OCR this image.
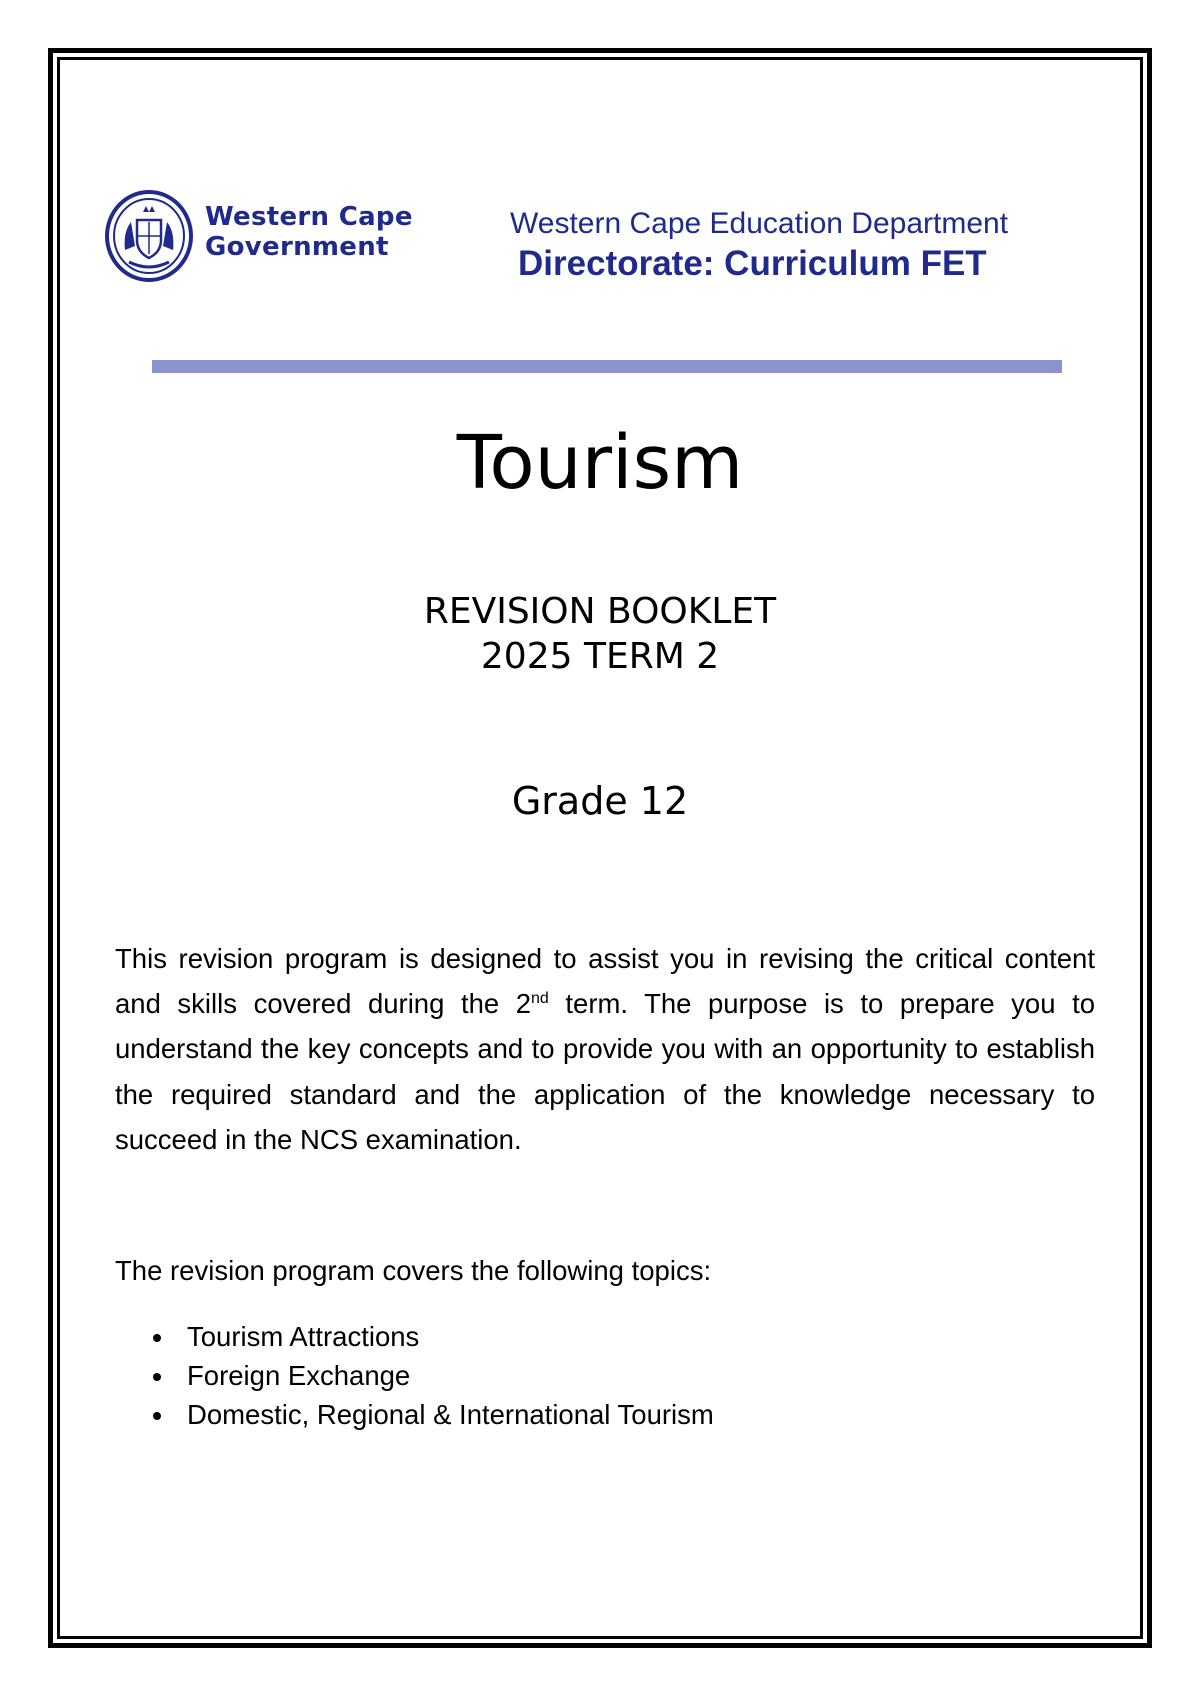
Western Cape
Government
Western Cape Education Department
Directorate: Curriculum FET
Tourism
REVISION BOOKLET
2025 TERM 2
Grade 12

This revision program is designed to assist you in revising the critical content and skills covered during the 2nd term. The purpose is to prepare you to understand the key concepts and to provide you with an opportunity to establish the required standard and the application of the knowledge necessary to succeed in the NCS examination.

The revision program covers the following topics:
Tourism Attractions
Foreign Exchange
Domestic, Regional & International Tourism
